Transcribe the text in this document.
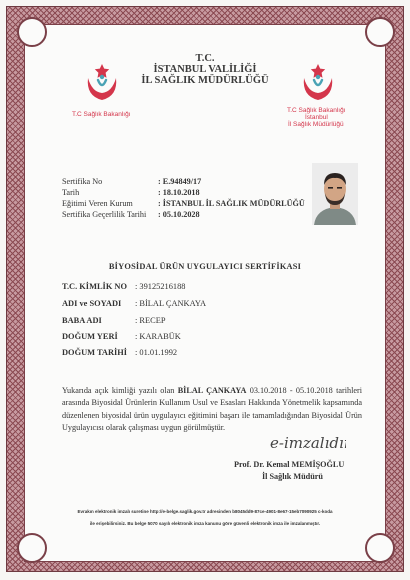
T.C Sağlık Bakanlığı
T.C Sağlık Bakanlığı
İstanbul
İl Sağlık Müdürlüğü
T.C.
İSTANBUL VALİLİĞİ
İL SAĞLIK MÜDÜRLÜĞÜ
Sertifika No	: E.94849/17
Tarih	: 18.10.2018
Eğitimi Veren Kurum	: İSTANBUL İL SAĞLIK MÜDÜRLÜĞÜ
Sertifika Geçerlilik Tarihi : 05.10.2028
BİYOSİDAL ÜRÜN UYGULAYICI SERTİFİKASI
T.C. KİMLİK NO : 39125216188
ADI ve SOYADI : BİLAL ÇANKAYA
BABA ADI	: RECEP
DOĞUM YERİ : KARABÜK
DOĞUM TARİHİ : 01.01.1992
Yukarıda açık kimliği yazılı olan BİLAL ÇANKAYA 03.10.2018 - 05.10.2018 tarihleri arasında Biyosidal Ürünlerin Kullanım Usul ve Esasları Hakkında Yönetmelik kapsamında düzenlenen biyosidal ürün uygulayıcı eğitimini başarı ile tamamladığından Biyosidal Ürün Uygulayıcısı olarak çalışması uygun görülmüştür.
e-imzalıdır
Prof. Dr. Kemal MEMİŞOĞLU
İl Sağlık Müdürü
Evrakın elektronik imzalı suretine http://e-belge.saglik.gov.tr adresinden b8045dd9-87ce-4901-8e67-15eb7090925 c-koda
ile erişebilirsiniz. Bu belge 5070 sayılı elektronik imza kanunu göre güvenli elektronik imza ile imzalanmıştır.
